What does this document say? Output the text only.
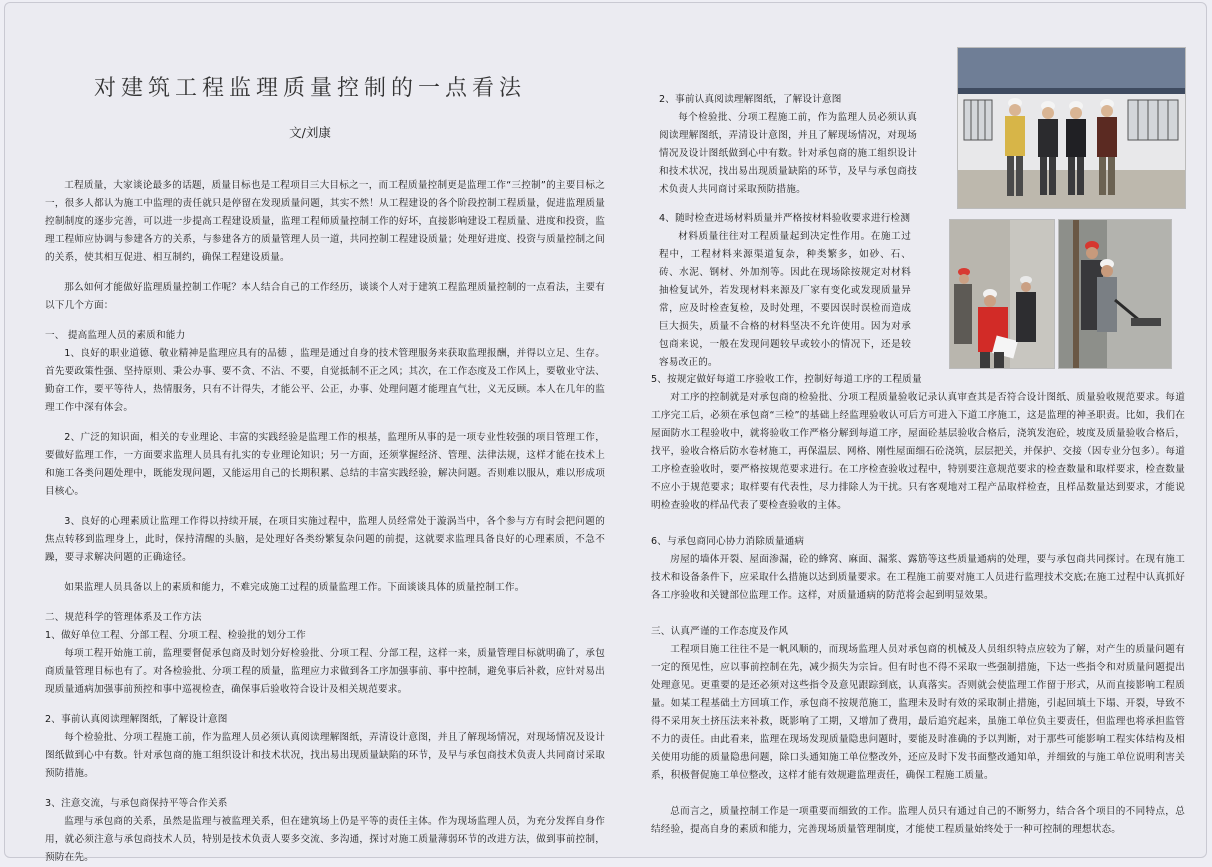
对建筑工程监理质量控制的一点看法
文/刘康

工程质量，大家谈论最多的话题，质量目标也是工程项目三大目标之一，而工程质量控制更是监理工作“三控制”的主要目标之一，很多人都认为施工中监理的责任就只是停留在发现质量问题，其实不然！从工程建设的各个阶段控制工程质量，促进监理质量控制制度的逐步完善，可以进一步提高工程建设质量，监理工程师质量控制工作的好坏，直接影响建设工程质量、进度和投资，监理工程师应协调与参建各方的关系，与参建各方的质量管理人员一道，共同控制工程建设质量；处理好进度、投资与质量控制之间的关系，使其相互促进、相互制约，确保工程建设质量。

那么如何才能做好监理质量控制工作呢？本人结合自己的工作经历，谈谈个人对于建筑工程监理质量控制的一点看法，主要有以下几个方面：

一、 提高监理人员的素质和能力

1、良好的职业道德、敬业精神是监理应具有的品德 ，监理是通过自身的技术管理服务来获取监理报酬，并得以立足、生存。首先要政策性强、坚持原则、秉公办事、要不贪、不沾、不要，自觉抵制不正之风；其次，在工作态度及工作风上，要敬业守法、勤奋工作，要平等待人，热情服务，只有不计得失，才能公平、公正，办事、处理问题才能理直气壮，义无反顾。本人在几年的监理工作中深有体会。

2、广泛的知识面，相关的专业理论、丰富的实践经验是监理工作的根基，监理所从事的是一项专业性较强的项目管理工作，要做好监理工作，一方面要求监理人员具有扎实的专业理论知识；另一方面，还须掌握经济、管理、法律法规，这样才能在技术上和施工各类问题处理中，既能发现问题，又能运用自己的长期积累、总结的丰富实践经验，解决问题。否则难以服从，难以形成项目核心。

3、良好的心理素质让监理工作得以持续开展，在项目实施过程中，监理人员经常处于漩涡当中，各个参与方有时会把问题的焦点转移到监理身上，此时，保持清醒的头脑，是处理好各类纷繁复杂问题的前提，这就要求监理具备良好的心理素质，不急不躁，要寻求解决问题的正确途径。

如果监理人员具备以上的素质和能力，不难完成施工过程的质量监理工作。下面谈谈具体的质量控制工作。

二、规范科学的管理体系及工作方法

1、做好单位工程、分部工程、分项工程、检验批的划分工作

每项工程开始施工前，监理要督促承包商及时划分好检验批、分项工程、分部工程，这样一来，质量管理目标就明确了，承包商质量管理目标也有了。对各检验批、分项工程的质量，监理应力求做到各工序加强事前、事中控制，避免事后补救，应针对易出现质量通病加强事前预控和事中巡视检查，确保事后验收符合设计及相关规范要求。

2、事前认真阅读理解图纸，了解设计意图

每个检验批、分项工程施工前，作为监理人员必须认真阅读理解图纸，弄清设计意图，并且了解现场情况，对现场情况及设计图纸做到心中有数。针对承包商的施工组织设计和技术状况，找出易出现质量缺陷的环节，及早与承包商技术负责人共同商讨采取预防措施。

3、注意交流，与承包商保持平等合作关系

监理与承包商的关系，虽然是监理与被监理关系，但在建筑场上仍是平等的责任主体。作为现场监理人员，为充分发挥自身作用，就必须注意与承包商技术人员，特别是技术负责人要多交流、多沟通，探讨对施工质量薄弱环节的改进方法，做到事前控制，预防在先。

2、事前认真阅读理解图纸，了解设计意图

每个检验批、分项工程施工前，作为监理人员必须认真阅读理解图纸，弄清设计意图，并且了解现场情况，对现场情况及设计图纸做到心中有数。针对承包商的施工组织设计和技术状况，找出易出现质量缺陷的环节，及早与承包商技术负责人共同商讨采取预防措施。

4、随时检查进场材料质量并严格按材料验收要求进行检测

材料质量往往对工程质量起到决定性作用。在施工过程中，工程材料来源渠道复杂，种类繁多，如砂、石、砖、水泥、钢材、外加剂等。因此在现场除按规定对材料抽检复试外，若发现材料来源及厂家有变化或发现质量异常，应及时检查复检，及时处理，不要因误时误检而造成巨大损失，质量不合格的材料坚决不允许使用。因为对承包商来说，一般在发现问题较早或较小的情况下，还是较容易改正的。

5、按规定做好每道工序验收工作，控制好每道工序的工程质量

对工序的控制就是对承包商的检验批、分项工程质量验收记录认真审查其是否符合设计图纸、质量验收规范要求。每道工序完工后，必须在承包商“三检”的基础上经监理验收认可后方可进入下道工序施工，这是监理的神圣职责。比如，我们在屋面防水工程验收中，就将验收工作严格分解到每道工序，屋面砼基层验收合格后，浇筑发泡砼，坡度及质量验收合格后，找平，验收合格后防水卷材施工，再保温层、网格、刚性屋面细石砼浇筑，层层把关，并保护、交接（因专业分包多）。每道工序检查验收时，要严格按规范要求进行。在工序检查验收过程中，特别要注意规范要求的检查数量和取样要求，检查数量不应小于规范要求；取样要有代表性，尽力排除人为干扰。只有客观地对工程产品取样检查，且样品数量达到要求，才能说明检查验收的样品代表了要检查验收的主体。

6、与承包商同心协力消除质量通病

房屋的墙体开裂、屋面渗漏，砼的蜂窝、麻面、漏浆、露筋等这些质量通病的处理，要与承包商共同探讨。在现有施工技术和设备条件下，应采取什么措施以达到质量要求。在工程施工前要对施工人员进行监理技术交底;在施工过程中认真抓好各工序验收和关键部位监理工作。这样，对质量通病的防范将会起到明显效果。

三、认真严谨的工作态度及作风

工程项目施工往往不是一帆风顺的，而现场监理人员对承包商的机械及人员组织特点应较为了解，对产生的质量问题有一定的预见性，应以事前控制在先，减少损失为宗旨。但有时也不得不采取一些强制措施，下达一些指令和对质量问题提出处理意见。更重要的是还必须对这些指令及意见跟踪到底，认真落实。否则就会使监理工作留于形式，从而直接影响工程质量。如某工程基础土方回填工作，承包商不按规范施工，监理未及时有效的采取制止措施，引起回填土下塌、开裂，导致不得不采用灰土挤压法来补救，既影响了工期，又增加了费用，最后追究起来，虽施工单位负主要责任，但监理也将承担监管不力的责任。由此看来，监理在现场发现质量隐患问题时，要能及时准确的予以判断，对于那些可能影响工程实体结构及相关使用功能的质量隐患问题，除口头通知施工单位整改外，还应及时下发书面整改通知单，并细致的与施工单位说明利害关系，积极督促施工单位整改，这样才能有效规避监理责任，确保工程施工质量。

总而言之，质量控制工作是一项重要而细致的工作。监理人员只有通过自己的不断努力，结合各个项目的不同特点，总结经验，提高自身的素质和能力，完善现场质量管理制度，才能使工程质量始终处于一种可控制的理想状态。
